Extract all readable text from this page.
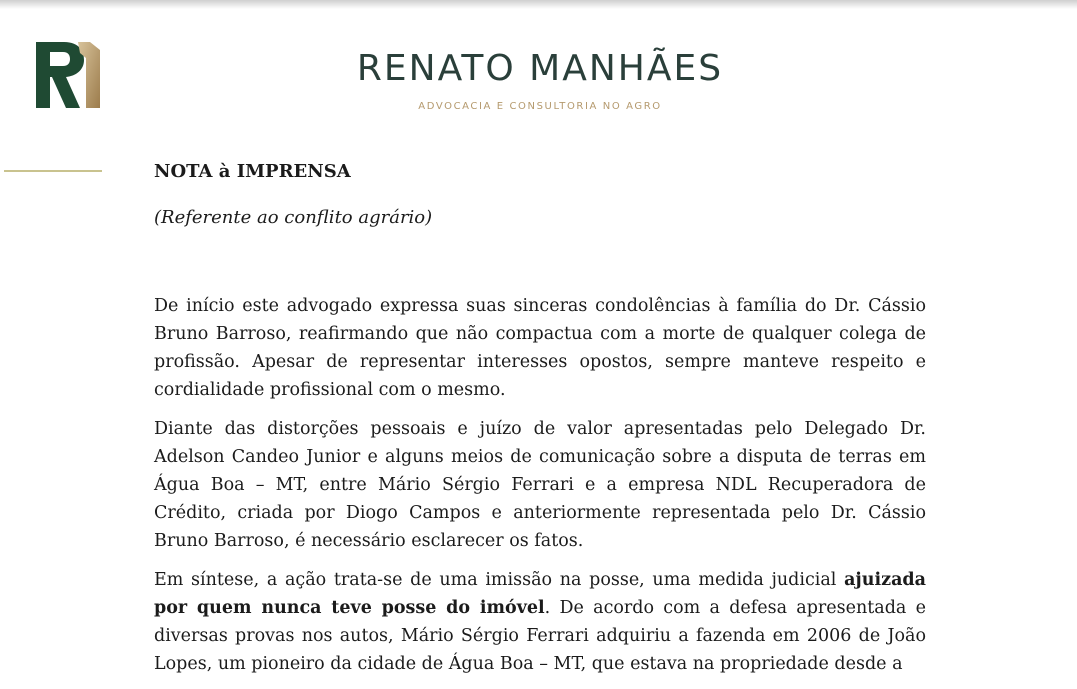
RENATO MANHÃES
ADVOCACIA E CONSULTORIA NO AGRO
NOTA à IMPRENSA
(Referente ao conflito agrário)

De início este advogado expressa suas sinceras condolências à família do Dr. Cássio Bruno Barroso, reafirmando que não compactua com a morte de qualquer colega de profissão. Apesar de representar interesses opostos, sempre manteve respeito e cordialidade profissional com o mesmo.

Diante das distorções pessoais e juízo de valor apresentadas pelo Delegado Dr. Adelson Candeo Junior e alguns meios de comunicação sobre a disputa de terras em Água Boa – MT, entre Mário Sérgio Ferrari e a empresa NDL Recuperadora de Crédito, criada por Diogo Campos e anteriormente representada pelo Dr. Cássio Bruno Barroso, é necessário esclarecer os fatos.

Em síntese, a ação trata-se de uma imissão na posse, uma medida judicial ajuizada por quem nunca teve posse do imóvel. De acordo com a defesa apresentada e diversas provas nos autos, Mário Sérgio Ferrari adquiriu a fazenda em 2006 de João Lopes, um pioneiro da cidade de Água Boa – MT, que estava na propriedade desde a
